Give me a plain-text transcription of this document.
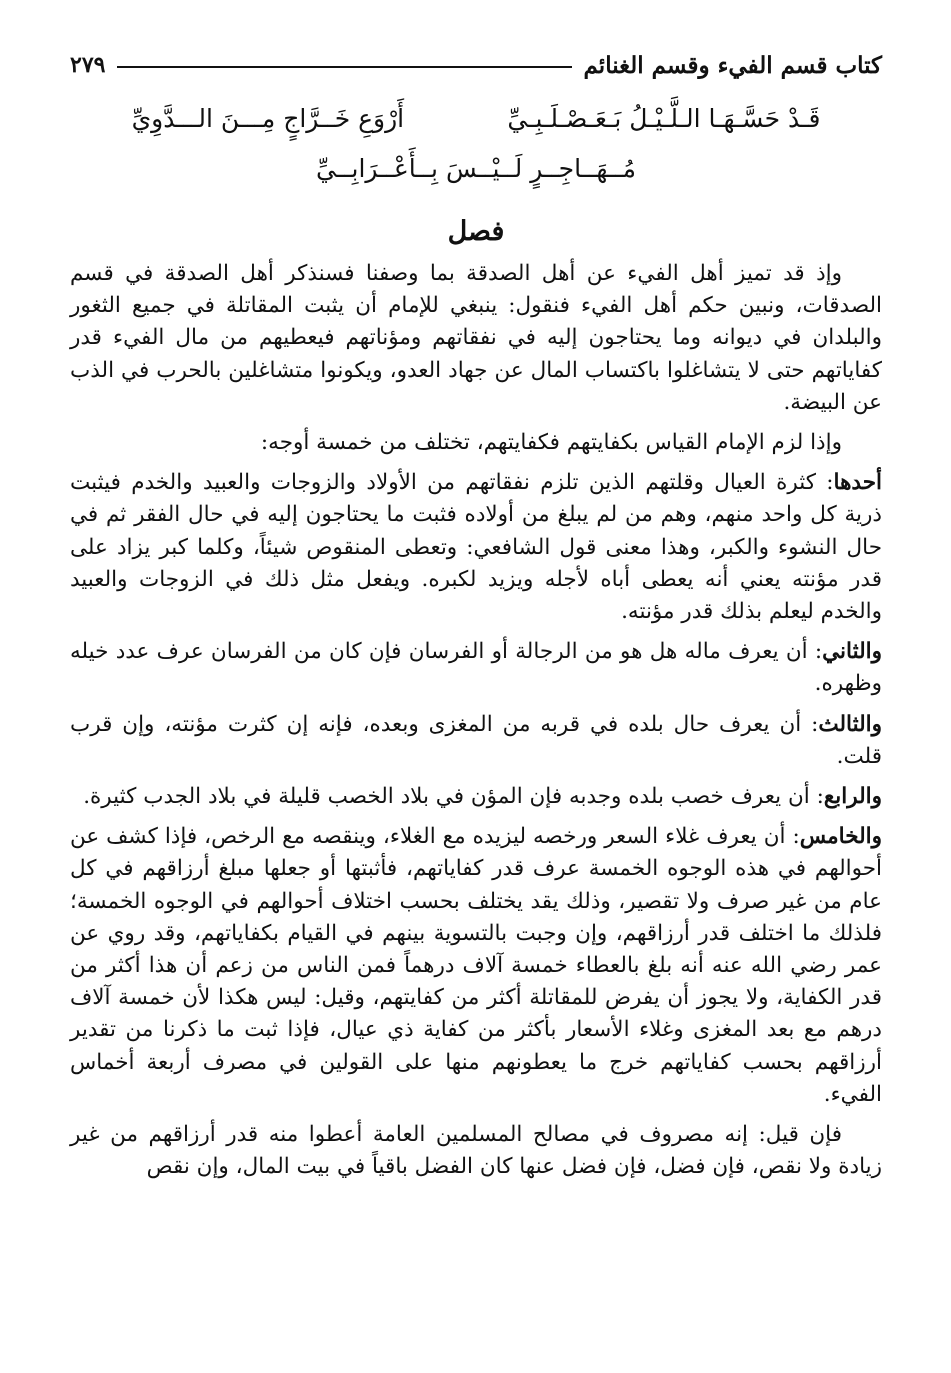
كتاب قسم الفيء وقسم الغنائم
٢٧٩
قَـدْ حَسَّـهَـا الـلَّـيْـلُ بَـعَـصْـلَـبِـيِّ
أَرْوَعِ خَــرَّاجٍ مِـــنَ الـــدَّوِيِّ
مُــهَــاجِــرٍ لَــيْــسَ بِــأَعْــرَابِــيِّ
فصل

وإذ قد تميز أهل الفيء عن أهل الصدقة بما وصفنا فسنذكر أهل الصدقة في قسم الصدقات، ونبين حكم أهل الفيء فنقول: ينبغي للإمام أن يثبت المقاتلة في جميع الثغور والبلدان في ديوانه وما يحتاجون إليه في نفقاتهم ومؤناتهم فيعطيهم من مال الفيء قدر كفاياتهم حتى لا يتشاغلوا باكتساب المال عن جهاد العدو، ويكونوا متشاغلين بالحرب في الذب عن البيضة.

وإذا لزم الإمام القياس بكفايتهم فكفايتهم، تختلف من خمسة أوجه:

أحدها: كثرة العيال وقلتهم الذين تلزم نفقاتهم من الأولاد والزوجات والعبيد والخدم فيثبت ذرية كل واحد منهم، وهم من لم يبلغ من أولاده فثبت ما يحتاجون إليه في حال الفقر ثم في حال النشوء والكبر، وهذا معنى قول الشافعي: وتعطى المنقوص شيئاً، وكلما كبر يزاد على قدر مؤنته يعني أنه يعطى أباه لأجله ويزيد لكبره. ويفعل مثل ذلك في الزوجات والعبيد والخدم ليعلم بذلك قدر مؤنته.

والثاني: أن يعرف ماله هل هو من الرجالة أو الفرسان فإن كان من الفرسان عرف عدد خيله وظهره.

والثالث: أن يعرف حال بلده في قربه من المغزى وبعده، فإنه إن كثرت مؤنته، وإن قرب قلت.

والرابع: أن يعرف خصب بلده وجدبه فإن المؤن في بلاد الخصب قليلة في بلاد الجدب كثيرة.

والخامس: أن يعرف غلاء السعر ورخصه ليزيده مع الغلاء، وينقصه مع الرخص، فإذا كشف عن أحوالهم في هذه الوجوه الخمسة عرف قدر كفاياتهم، فأثبتها أو جعلها مبلغ أرزاقهم في كل عام من غير صرف ولا تقصير، وذلك يقد يختلف بحسب اختلاف أحوالهم في الوجوه الخمسة؛ فلذلك ما اختلف قدر أرزاقهم، وإن وجبت بالتسوية بينهم في القيام بكفاياتهم، وقد روي عن عمر رضي الله عنه أنه بلغ بالعطاء خمسة آلاف درهماً فمن الناس من زعم أن هذا أكثر من قدر الكفاية، ولا يجوز أن يفرض للمقاتلة أكثر من كفايتهم، وقيل: ليس هكذا لأن خمسة آلاف درهم مع بعد المغزى وغلاء الأسعار بأكثر من كفاية ذي عيال، فإذا ثبت ما ذكرنا من تقدير أرزاقهم بحسب كفاياتهم خرج ما يعطونهم منها على القولين في مصرف أربعة أخماس الفيء.

فإن قيل: إنه مصروف في مصالح المسلمين العامة أعطوا منه قدر أرزاقهم من غير زيادة ولا نقص، فإن فضل، فإن فضل عنها كان الفضل باقياً في بيت المال، وإن نقص
